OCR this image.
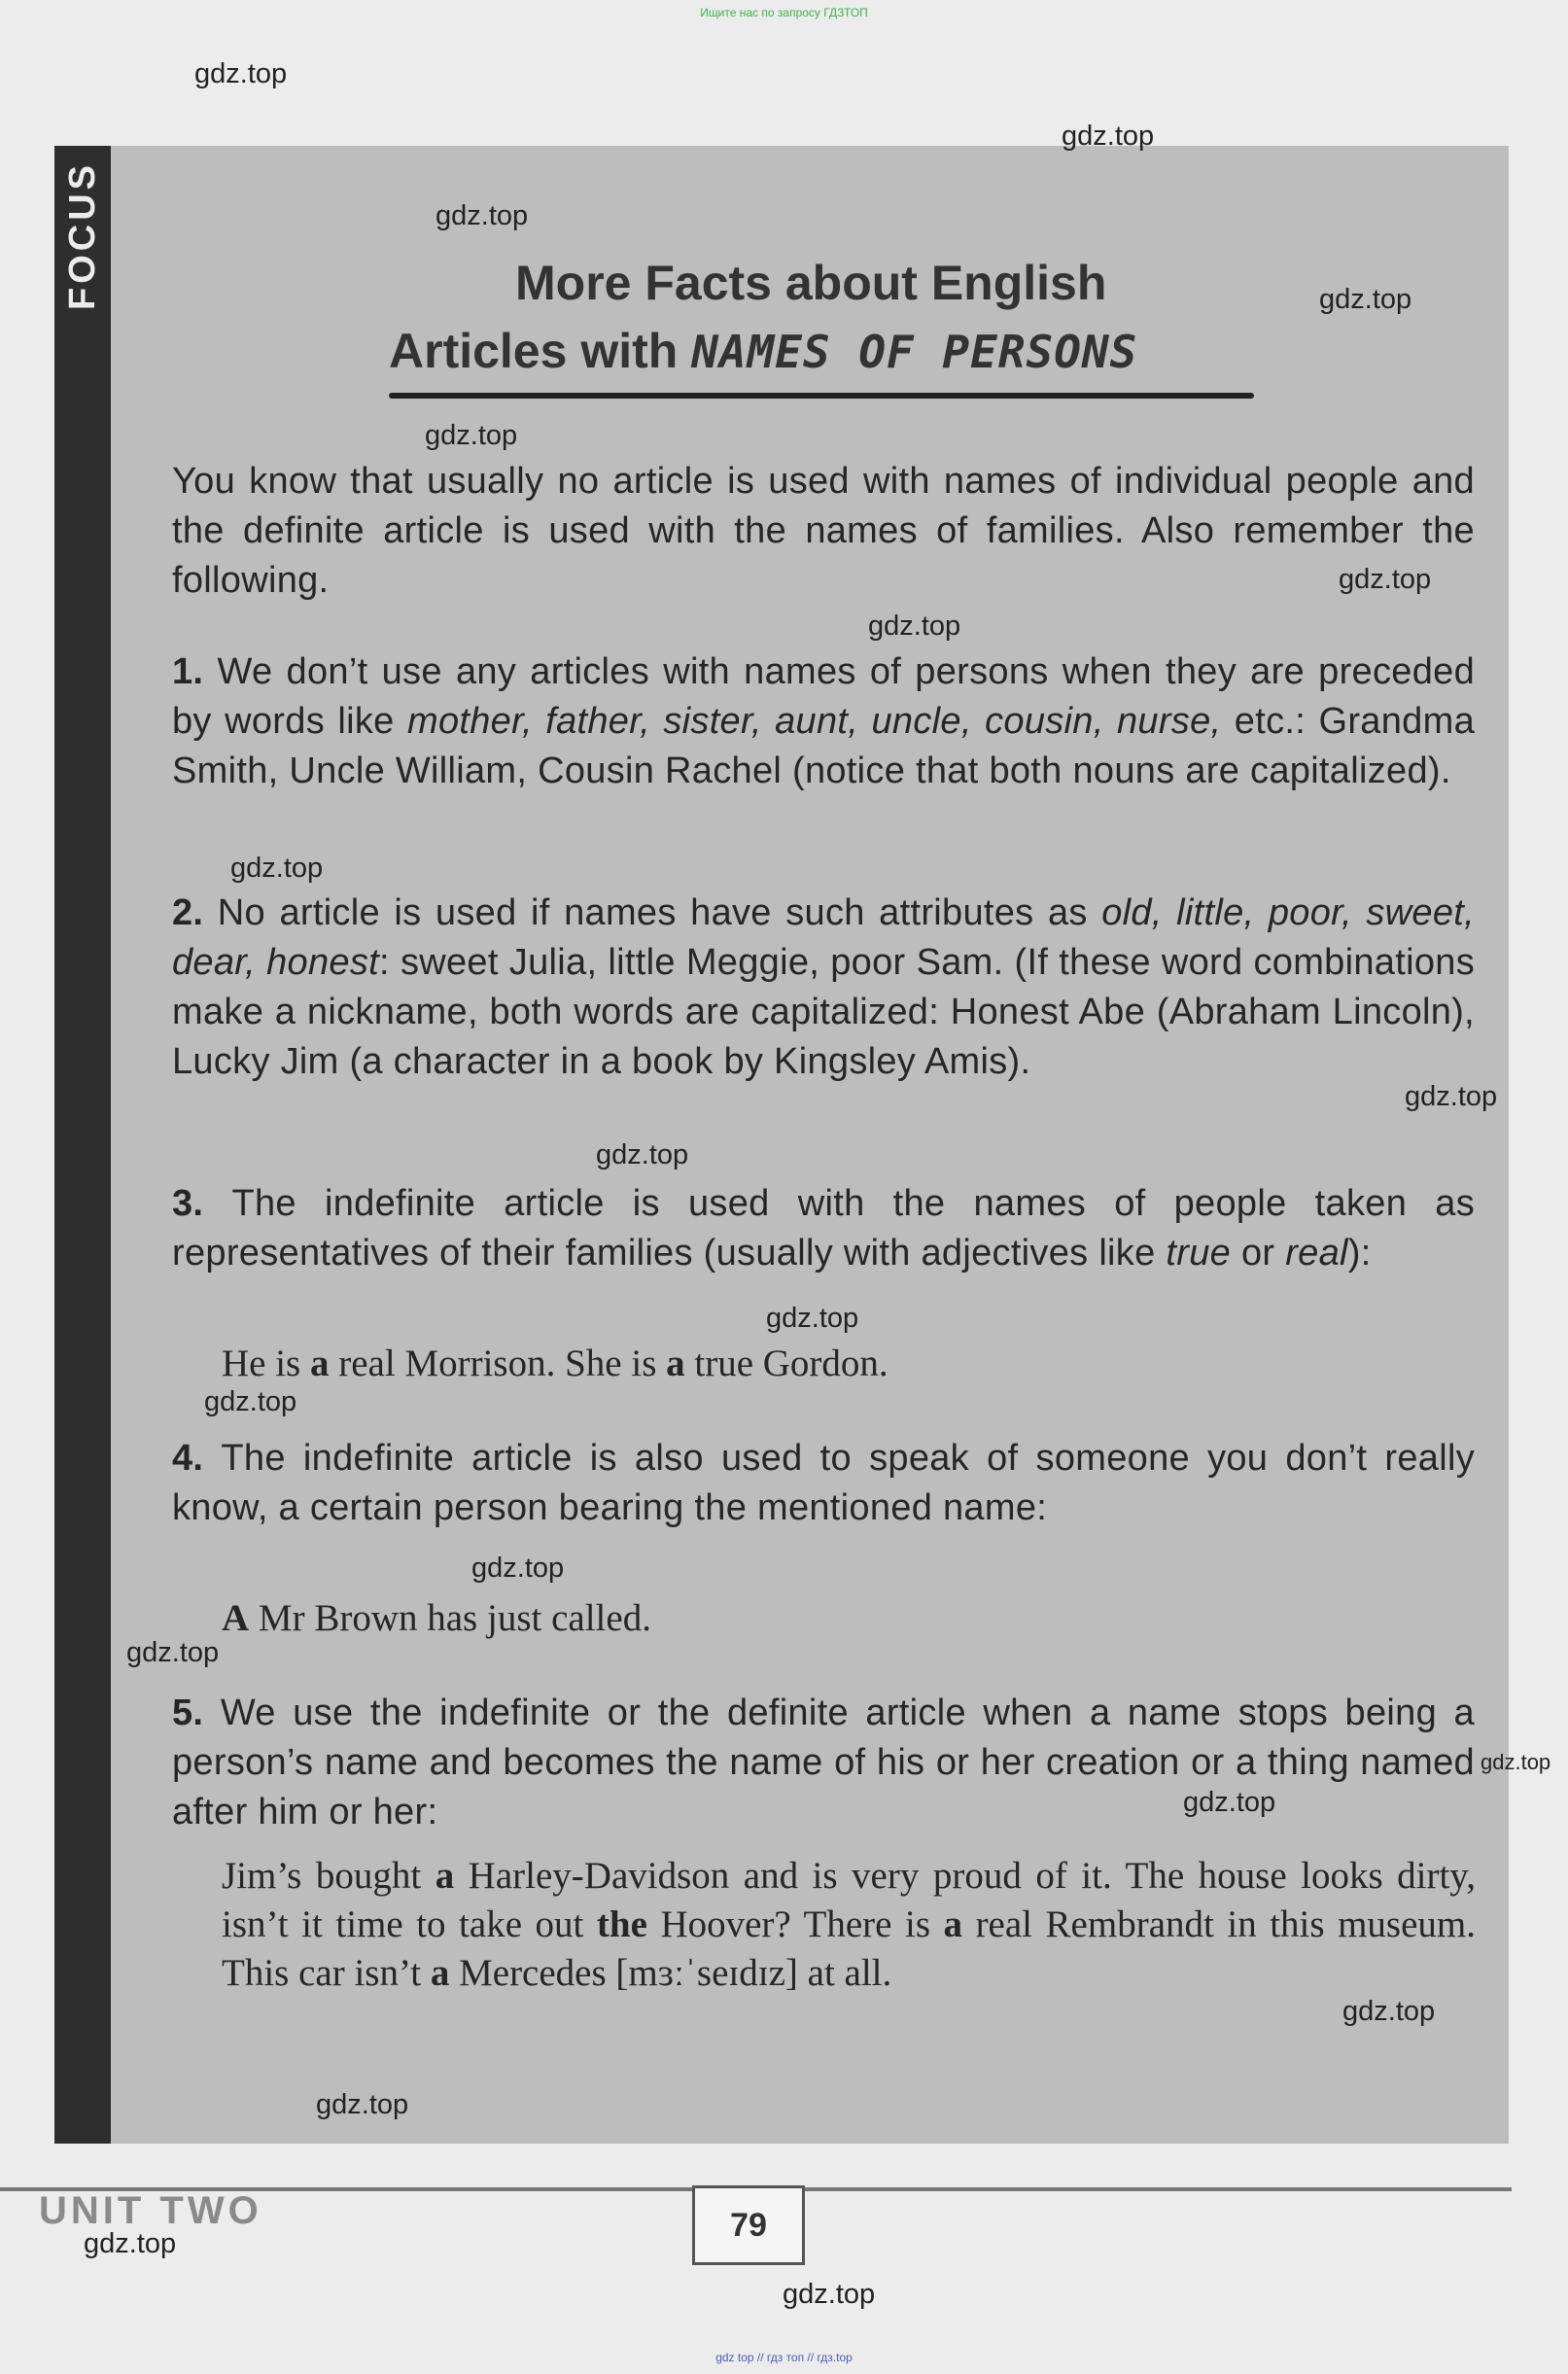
Ищите нас по запросу ГДЗТОП
FOCUS	More Facts about English
Articles with NAMES OF PERSONS
You know that usually no article is used with names of individual people and the definite article is used with the names of families. Also remember the following.
1. We don’t use any articles with names of persons when they are preceded by words like mother, father, sister, aunt, uncle, cousin, nurse, etc.: Grandma Smith, Uncle William, Cousin Rachel (notice that both nouns are capitalized).
2. No article is used if names have such attributes as old, little, poor, sweet, dear, honest: sweet Julia, little Meggie, poor Sam. (If these word combinations make a nickname, both words are capitalized: Honest Abe (Abraham Lincoln), Lucky Jim (a character in a book by Kingsley Amis).
3. The indefinite article is used with the names of people taken as representatives of their families (usually with adjectives like true or real):
He is a real Morrison. She is a true Gordon.
4. The indefinite article is also used to speak of someone you don’t really know, a certain person bearing the mentioned name:
A Mr Brown has just called.
5. We use the indefinite or the definite article when a name stops being a person’s name and becomes the name of his or her creation or a thing named after him or her:
Jim’s bought a Harley-Davidson and is very proud of it. The house looks dirty, isn’t it time to take out the Hoover? There is a real Rembrandt in this museum. This car isn’t a Mercedes [mɜːˈseɪdɪz] at all.
UNIT TWO	79
gdz.top
gdz.top
gdz.top
gdz.top
gdz.top
gdz.top
gdz.top
gdz.top
gdz.top
gdz.top
gdz.top
gdz.top
gdz.top
gdz.top
gdz.top
gdz.top
gdz.top
gdz.top
gdz.top
gdz.top
gdz top // гдз топ // гдз.top
